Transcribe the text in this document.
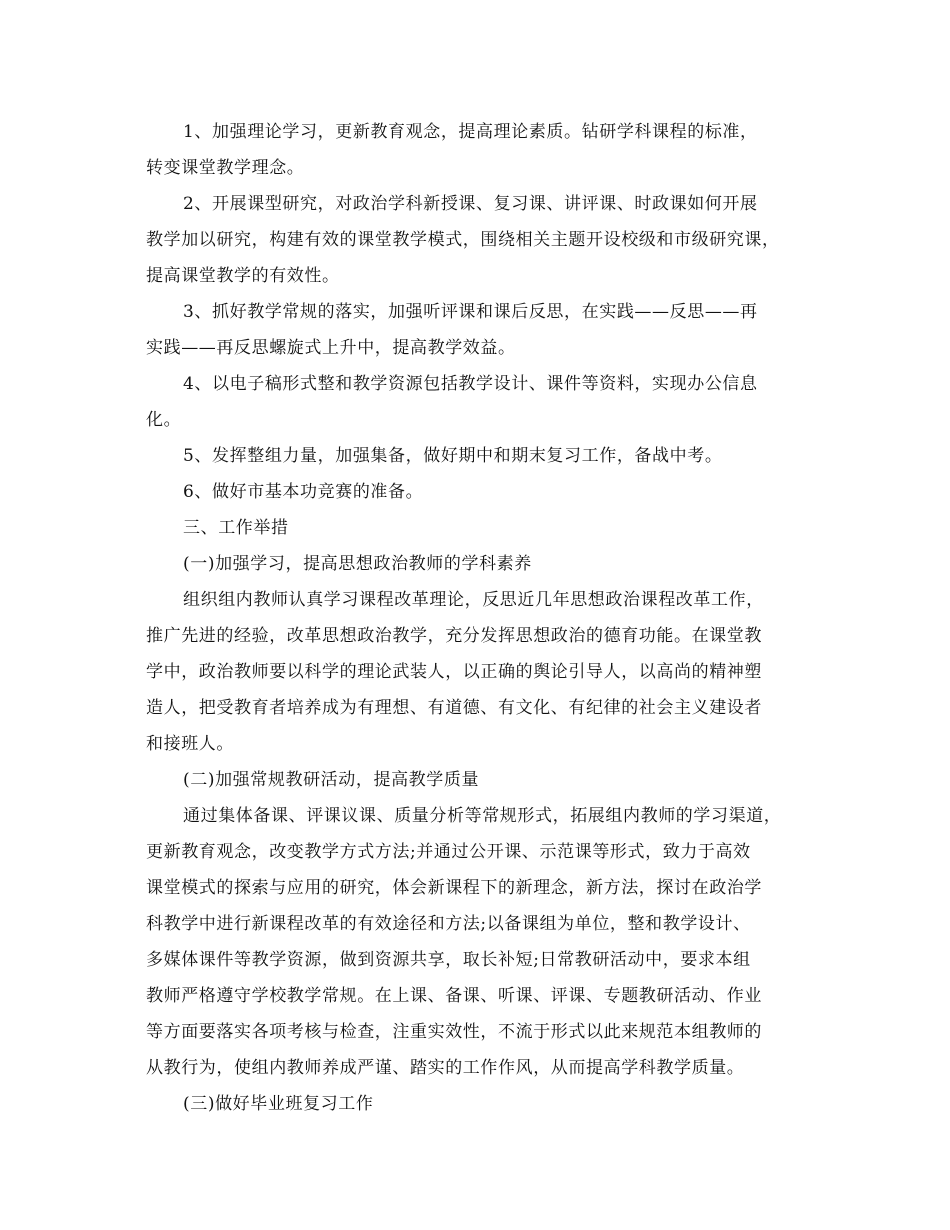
1、加强理论学习，更新教育观念，提高理论素质。钻研学科课程的标准，
转变课堂教学理念。
2、开展课型研究，对政治学科新授课、复习课、讲评课、时政课如何开展
教学加以研究，构建有效的课堂教学模式，围绕相关主题开设校级和市级研究课，
提高课堂教学的有效性。
3、抓好教学常规的落实，加强听评课和课后反思，在实践——反思——再
实践——再反思螺旋式上升中，提高教学效益。
4、以电子稿形式整和教学资源包括教学设计、课件等资料，实现办公信息
化。
5、发挥整组力量，加强集备，做好期中和期末复习工作，备战中考。
6、做好市基本功竞赛的准备。
三、工作举措
(一)加强学习，提高思想政治教师的学科素养
组织组内教师认真学习课程改革理论，反思近几年思想政治课程改革工作，
推广先进的经验，改革思想政治教学，充分发挥思想政治的德育功能。在课堂教
学中，政治教师要以科学的理论武装人，以正确的舆论引导人，以高尚的精神塑
造人，把受教育者培养成为有理想、有道德、有文化、有纪律的社会主义建设者
和接班人。
(二)加强常规教研活动，提高教学质量
通过集体备课、评课议课、质量分析等常规形式，拓展组内教师的学习渠道，
更新教育观念，改变教学方式方法;并通过公开课、示范课等形式，致力于高效
课堂模式的探索与应用的研究，体会新课程下的新理念，新方法，探讨在政治学
科教学中进行新课程改革的有效途径和方法;以备课组为单位，整和教学设计、
多媒体课件等教学资源，做到资源共享，取长补短;日常教研活动中，要求本组
教师严格遵守学校教学常规。在上课、备课、听课、评课、专题教研活动、作业
等方面要落实各项考核与检查，注重实效性，不流于形式以此来规范本组教师的
从教行为，使组内教师养成严谨、踏实的工作作风，从而提高学科教学质量。
(三)做好毕业班复习工作
